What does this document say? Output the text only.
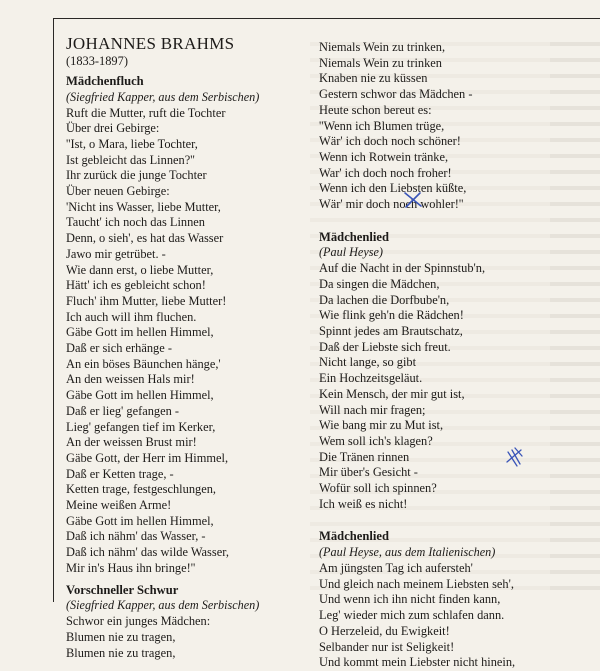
JOHANNES BRAHMS
(1833-1897)
Mädchenfluch
(Siegfried Kapper, aus dem Serbischen)
Ruft die Mutter, ruft die Tochter
Über drei Gebirge:
''Ist, o Mara, liebe Tochter,
Ist gebleicht das Linnen?''
Ihr zurück die junge Tochter
Über neuen Gebirge:
'Nicht ins Wasser, liebe Mutter,
Taucht' ich noch das Linnen
Denn, o sieh', es hat das Wasser
Jawo mir getrübet. -
Wie dann erst, o liebe Mutter,
Hätt' ich es gebleicht schon!
Fluch' ihm Mutter, liebe Mutter!
Ich auch will ihm fluchen.
Gäbe Gott im hellen Himmel,
Daß er sich erhänge -
An ein böses Bäunchen hänge,'
An den weissen Hals mir!
Gäbe Gott im hellen Himmel,
Daß er lieg' gefangen -
Lieg' gefangen tief im Kerker,
An der weissen Brust mir!
Gäbe Gott, der Herr im Himmel,
Daß er Ketten trage, -
Ketten trage, festgeschlungen,
Meine weißen Arme!
Gäbe Gott im hellen Himmel,
Daß ich nähm' das Wasser, -
Daß ich nähm' das wilde Wasser,
Mir in's Haus ihn bringe!''
Vorschneller Schwur
(Siegfried Kapper, aus dem Serbischen)
Schwor ein junges Mädchen:
Blumen nie zu tragen,
Blumen nie zu tragen,
Niemals Wein zu trinken,
Niemals Wein zu trinken
Knaben nie zu küssen
Gestern schwor das Mädchen -
Heute schon bereut es:
''Wenn ich Blumen trüge,
Wär' ich doch noch schöner!
Wenn ich Rotwein tränke,
War' ich doch noch froher!
Wenn ich den Liebsten küßte,
Wär' mir doch noch wohler!''
Mädchenlied
(Paul Heyse)
Auf die Nacht in der Spinnstub'n,
Da singen die Mädchen,
Da lachen die Dorfbube'n,
Wie flink geh'n die Rädchen!
Spinnt jedes am Brautschatz,
Daß der Liebste sich freut.
Nicht lange, so gibt
Ein Hochzeitsgeläut.
Kein Mensch, der mir gut ist,
Will nach mir fragen;
Wie bang mir zu Mut ist,
Wem soll ich's klagen?
Die Tränen rinnen
Mir über's Gesicht -
Wofür soll ich spinnen?
Ich weiß es nicht!
Mädchenlied
(Paul Heyse, aus dem Italienischen)
Am jüngsten Tag ich aufersteh'
Und gleich nach meinem Liebsten seh',
Und wenn ich ihn nicht finden kann,
Leg' wieder mich zum schlafen dann.
O Herzeleid, du Ewigkeit!
Selbander nur ist Seligkeit!
Und kommt mein Liebster nicht hinein,
